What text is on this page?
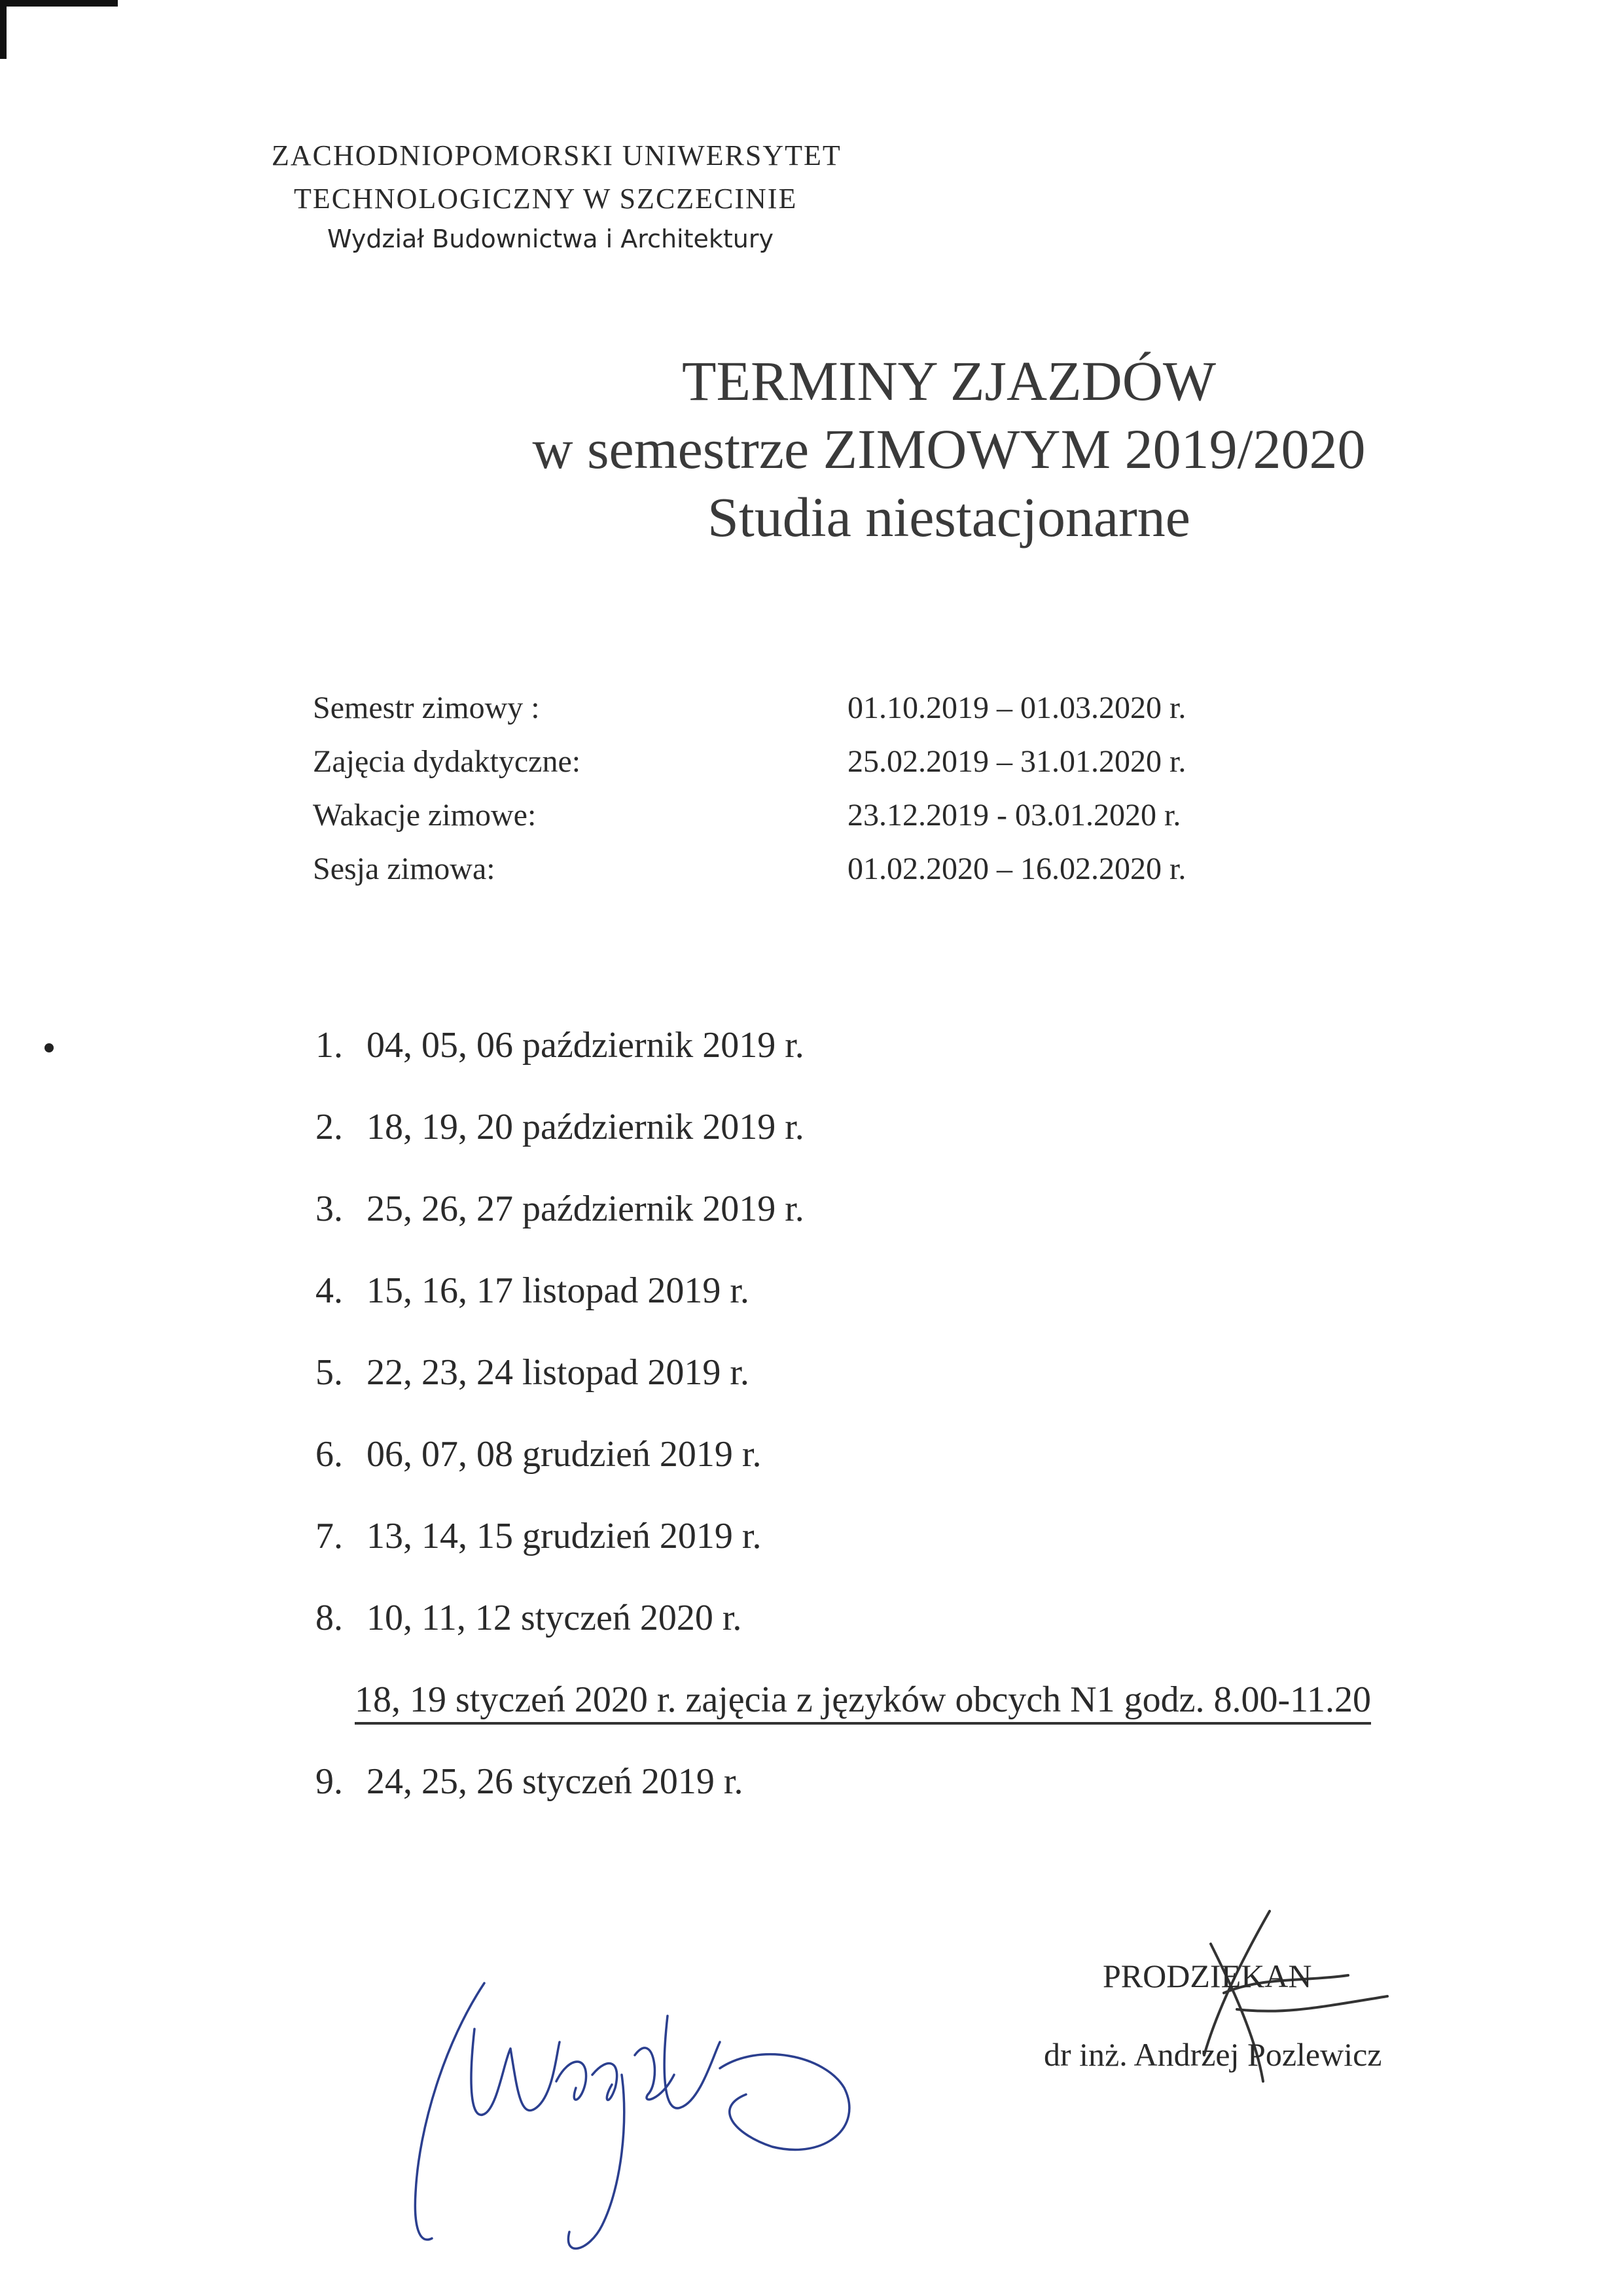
ZACHODNIOPOMORSKI UNIWERSYTET
TECHNOLOGICZNY W SZCZECINIE
Wydział Budownictwa i Architektury
TERMINY ZJAZDÓW
w semestrze ZIMOWYM 2019/2020
Studia niestacjonarne
Semestr zimowy :	01.10.2019 – 01.03.2020 r.
Zajęcia dydaktyczne:	25.02.2019 – 31.01.2020 r.
Wakacje zimowe:	23.12.2019 - 03.01.2020 r.
Sesja zimowa:	01.02.2020 – 16.02.2020 r.
1. 04, 05, 06 październik 2019 r.
2. 18, 19, 20 październik 2019 r.
3. 25, 26, 27 październik 2019 r.
4. 15, 16, 17 listopad 2019 r.
5. 22, 23, 24 listopad 2019 r.
6. 06, 07, 08 grudzień 2019 r.
7. 13, 14, 15 grudzień 2019 r.
8. 10, 11, 12 styczeń 2020 r.
18, 19 styczeń 2020 r. zajęcia z języków obcych N1 godz. 8.00-11.20
9. 24, 25, 26 styczeń 2019 r.
PRODZIEKAN
dr inż. Andrzej Pozlewicz
